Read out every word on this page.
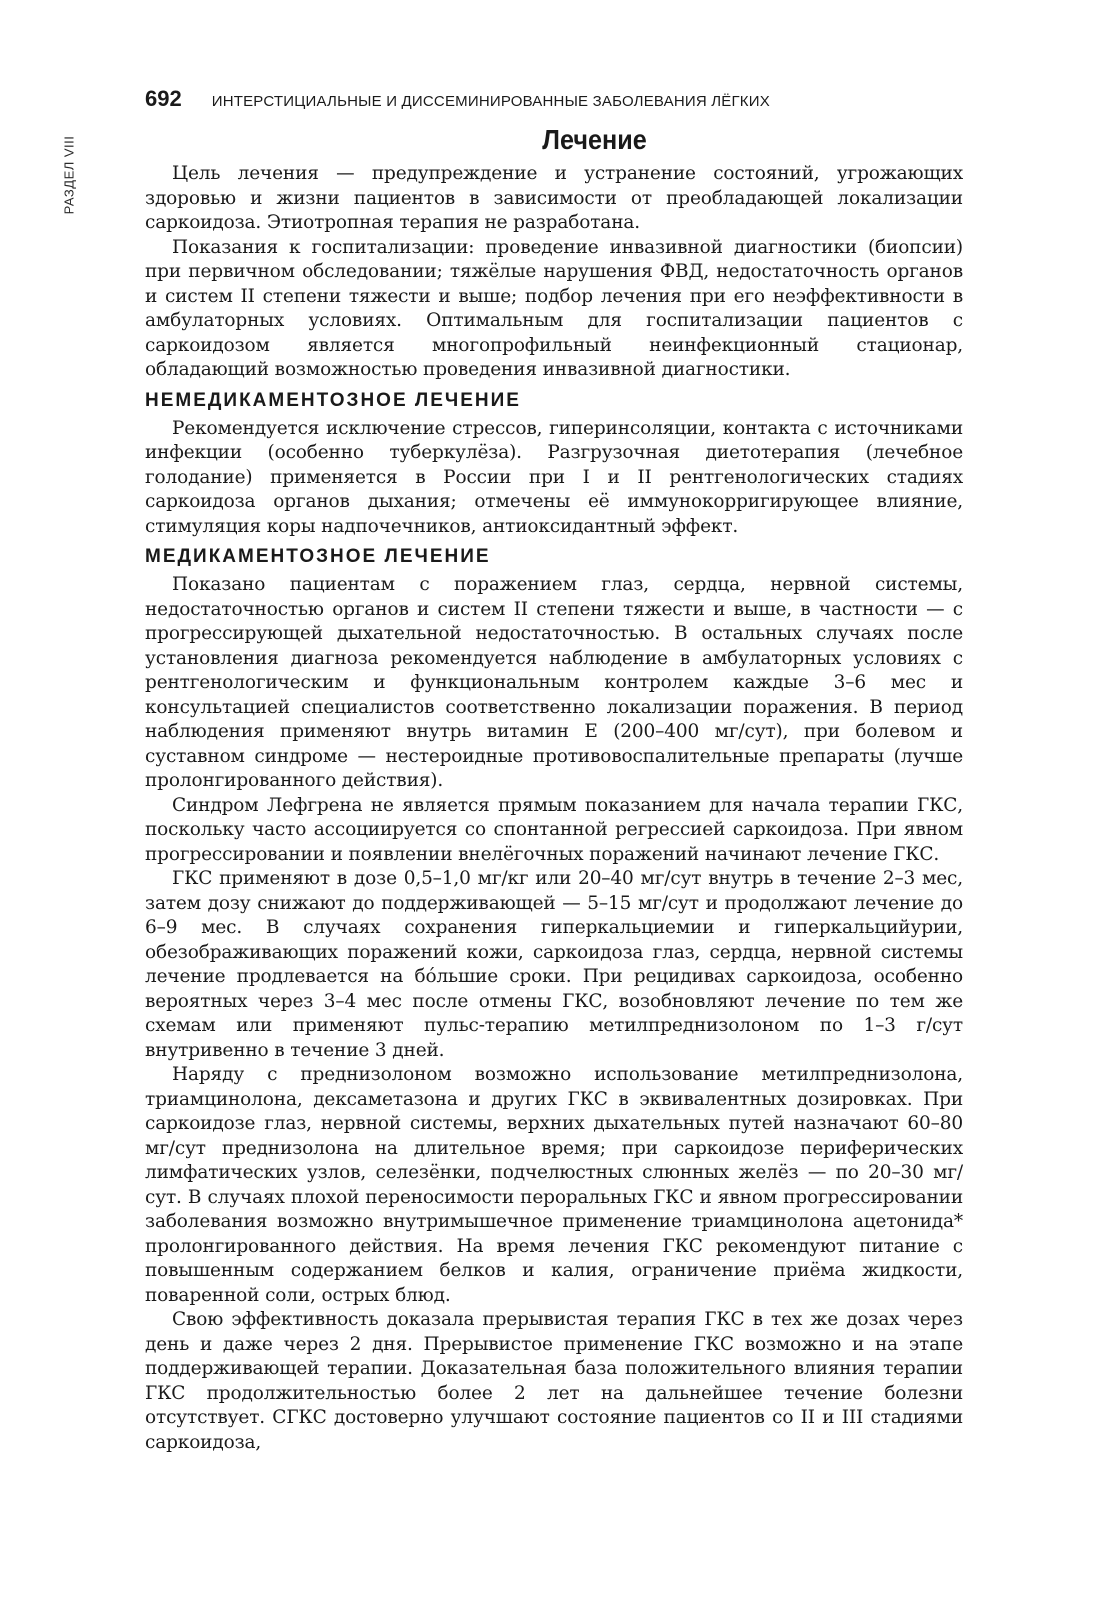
РАЗДЕЛ VIII
692 ИНТЕРСТИЦИАЛЬНЫЕ И ДИССЕМИНИРОВАННЫЕ ЗАБОЛЕВАНИЯ ЛЁГКИХ
Лечение

Цель лечения — предупреждение и устранение состояний, угрожающих здоровью и жизни пациентов в зависимости от преобладающей локализации саркоидоза. Этиотропная терапия не разработана.

Показания к госпитализации: проведение инвазивной диагностики (биопсии) при первичном обследовании; тяжёлые нарушения ФВД, недостаточность органов и систем II степени тяжести и выше; подбор лечения при его неэффективности в амбулаторных условиях. Оптимальным для госпитализации пациентов с саркоидозом является многопрофильный неинфекционный стационар, обладающий возможностью проведения инвазивной диагностики.

НЕМЕДИКАМЕНТОЗНОЕ ЛЕЧЕНИЕ

Рекомендуется исключение стрессов, гиперинсоляции, контакта с источниками инфекции (особенно туберкулёза). Разгрузочная диетотерапия (лечебное голодание) применяется в России при I и II рентгенологических стадиях саркоидоза органов дыхания; отмечены её иммунокорригирующее влияние, стимуляция коры надпочечников, антиоксидантный эффект.

МЕДИКАМЕНТОЗНОЕ ЛЕЧЕНИЕ

Показано пациентам с поражением глаз, сердца, нервной системы, недостаточностью органов и систем II степени тяжести и выше, в частности — с прогрессирующей дыхательной недостаточностью. В остальных случаях после установления диагноза рекомендуется наблюдение в амбулаторных условиях с рентгенологическим и функциональным контролем каждые 3–6 мес и консультацией специалистов соответственно локализации поражения. В период наблюдения применяют внутрь витамин E (200–400 мг/сут), при болевом и суставном синдроме — нестероидные противовоспалительные препараты (лучше пролонгированного действия).

Синдром Лефгрена не является прямым показанием для начала терапии ГКС, поскольку часто ассоциируется со спонтанной регрессией саркоидоза. При явном прогрессировании и появлении внелёгочных поражений начинают лечение ГКС.

ГКС применяют в дозе 0,5–1,0 мг/кг или 20–40 мг/сут внутрь в течение 2–3 мес, затем дозу снижают до поддерживающей — 5–15 мг/сут и продолжают лечение до 6–9 мес. В случаях сохранения гиперкальциемии и гиперкальцийурии, обезображивающих поражений кожи, саркоидоза глаз, сердца, нервной системы лечение продлевается на бóльшие сроки. При рецидивах саркоидоза, особенно вероятных через 3–4 мес после отмены ГКС, возобновляют лечение по тем же схемам или применяют пульс-терапию метилпреднизолоном по 1–3 г/сут внутривенно в течение 3 дней.

Наряду с преднизолоном возможно использование метилпреднизолона, триамцинолона, дексаметазона и других ГКС в эквивалентных дозировках. При саркоидозе глаз, нервной системы, верхних дыхательных путей назначают 60–80 мг/сут преднизолона на длительное время; при саркоидозе периферических лимфатических узлов, селезёнки, подчелюстных слюнных желёз — по 20–30 мг/сут. В случаях плохой переносимости пероральных ГКС и явном прогрессировании заболевания возможно внутримышечное применение триамцинолона ацетонида* пролонгированного действия. На время лечения ГКС рекомендуют питание с повышенным содержанием белков и калия, ограничение приёма жидкости, поваренной соли, острых блюд.

Свою эффективность доказала прерывистая терапия ГКС в тех же дозах через день и даже через 2 дня. Прерывистое применение ГКС возможно и на этапе поддерживающей терапии. Доказательная база положительного влияния терапии ГКС продолжительностью более 2 лет на дальнейшее течение болезни отсутствует. СГКС достоверно улучшают состояние пациентов со II и III стадиями саркоидоза,
